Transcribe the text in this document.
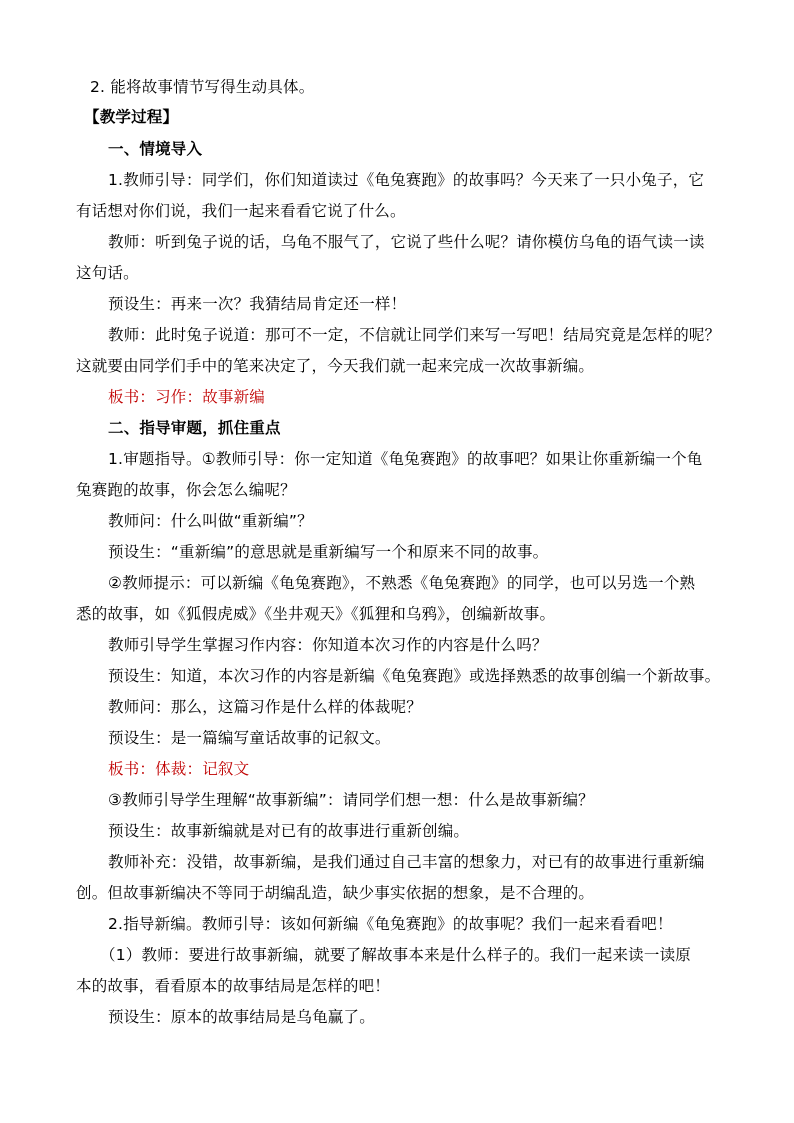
2. 能将故事情节写得生动具体。
【教学过程】
一、情境导入
1.教师引导：同学们，你们知道读过《龟兔赛跑》的故事吗？今天来了一只小兔子，它
有话想对你们说，我们一起来看看它说了什么。
教师：听到兔子说的话，乌龟不服气了，它说了些什么呢？请你模仿乌龟的语气读一读
这句话。
预设生：再来一次？我猜结局肯定还一样！
教师：此时兔子说道：那可不一定，不信就让同学们来写一写吧！结局究竟是怎样的呢？
这就要由同学们手中的笔来决定了，今天我们就一起来完成一次故事新编。
板书：习作：故事新编
二、指导审题，抓住重点
1.审题指导。①教师引导：你一定知道《龟兔赛跑》的故事吧？如果让你重新编一个龟
兔赛跑的故事，你会怎么编呢？
教师问：什么叫做“重新编”？
预设生：“重新编”的意思就是重新编写一个和原来不同的故事。
②教师提示：可以新编《龟兔赛跑》，不熟悉《龟兔赛跑》的同学，也可以另选一个熟
悉的故事，如《狐假虎威》《坐井观天》《狐狸和乌鸦》，创编新故事。
教师引导学生掌握习作内容：你知道本次习作的内容是什么吗？
预设生：知道，本次习作的内容是新编《龟兔赛跑》或选择熟悉的故事创编一个新故事。
教师问：那么，这篇习作是什么样的体裁呢？
预设生：是一篇编写童话故事的记叙文。
板书：体裁：记叙文
③教师引导学生理解“故事新编”：请同学们想一想：什么是故事新编？
预设生：故事新编就是对已有的故事进行重新创编。
教师补充：没错，故事新编，是我们通过自己丰富的想象力，对已有的故事进行重新编
创。但故事新编决不等同于胡编乱造，缺少事实依据的想象，是不合理的。
2.指导新编。教师引导：该如何新编《龟兔赛跑》的故事呢？我们一起来看看吧！
（1）教师：要进行故事新编，就要了解故事本来是什么样子的。我们一起来读一读原
本的故事，看看原本的故事结局是怎样的吧！
预设生：原本的故事结局是乌龟赢了。
